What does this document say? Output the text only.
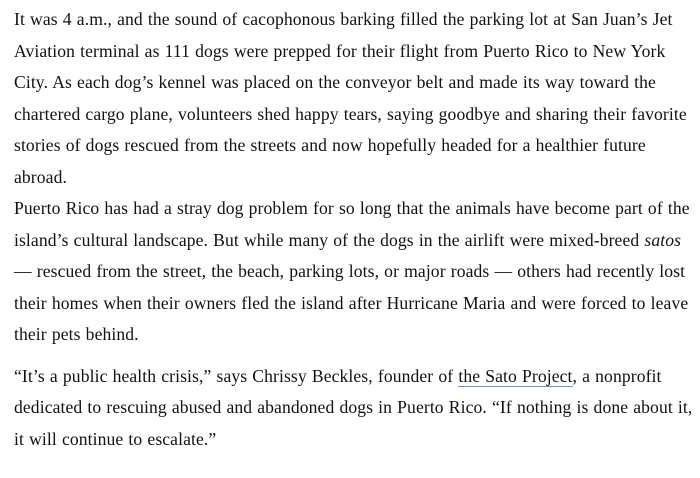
It was 4 a.m., and the sound of cacophonous barking filled the parking lot at San Juan’s Jet Aviation terminal as 111 dogs were prepped for their flight from Puerto Rico to New York City. As each dog’s kennel was placed on the conveyor belt and made its way toward the chartered cargo plane, volunteers shed happy tears, saying goodbye and sharing their favorite stories of dogs rescued from the streets and now hopefully headed for a healthier future abroad.

Puerto Rico has had a stray dog problem for so long that the animals have become part of the island’s cultural landscape. But while many of the dogs in the airlift were mixed-breed satos — rescued from the street, the beach, parking lots, or major roads — others had recently lost their homes when their owners fled the island after Hurricane Maria and were forced to leave their pets behind.

“It’s a public health crisis,” says Chrissy Beckles, founder of the Sato Project, a nonprofit dedicated to rescuing abused and abandoned dogs in Puerto Rico. “If nothing is done about it, it will continue to escalate.”
